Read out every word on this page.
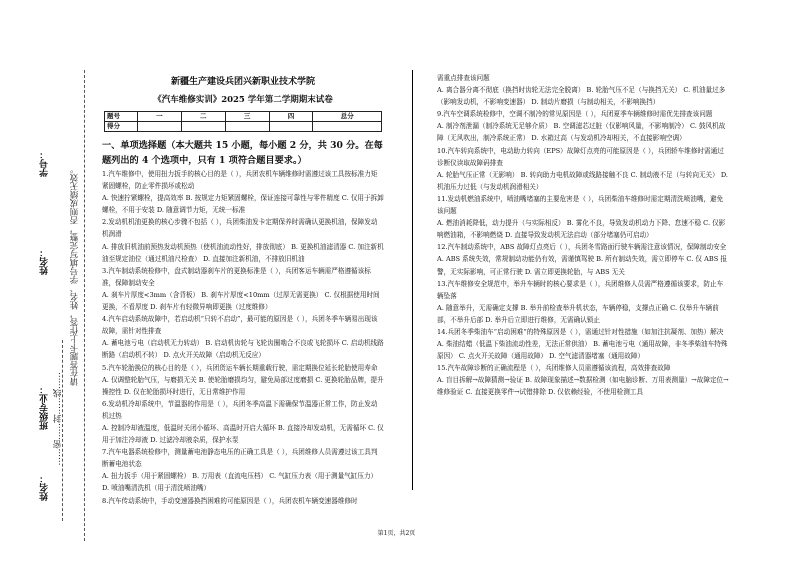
学号：
姓名：
班级专业：
姓名：
请在答题卡上作答，姓名、学号填写完整，否则成绩无效。
……密……封……线……
新疆生产建设兵团兴新职业技术学院
《汽车维修实训》2025 学年第二学期期末试卷
题号	一	二	三	四	总分
得分					
一、单项选择题（本大题共 15 小题，每小题 2 分，共 30 分。在每题列出的 4 个选项中，只有 1 项符合题目要求。）

1.汽车维修中，使用扭力扳手的核心目的是（ ），兵团农机车辆维修时需遵过该工具按标准力矩紧固螺栓，防止零件损坏或松动

A. 快速拧紧螺栓，提高效率 B. 按规定力矩紧固螺栓，保证连接可靠性与零件精度 C. 仅用于拆卸螺栓，不用于安装 D. 随意调节力矩，无统一标准

2.发动机机油更换的核心步骤不包括（ ），兵团柴油发卡定期保养时需确认更换机油，保障发动机润滑

A. 排放旧机油前预热发动机预热（使机油流动性好，排放彻底） B. 更换机油滤清器 C. 加注新机油至规定油位（通过机油尺检查） D. 直接加注新机油，不排放旧机油

3.汽车制动系统检修中，盘式制动器刹车片的更换标准是（ ），兵团客运车辆需严格遵循该标准，保障制动安全

A. 刹车片厚度<3mm（含背板） B. 刹车片厚度<10mm（过厚无需更换） C. 仅根据使用时间更换，不看厚度 D. 刹车片有轻微异响即更换（过度维修）

4.汽车启动系统故障中，若启动机“只转不启动”，最可能的原因是（ ），兵团冬季车辆易出现该故障，需针对性排查

A. 蓄电池亏电（启动机无力转动） B. 启动机齿轮与飞轮齿圈啮合不良或飞轮损坏 C. 启动机线路断路（启动机不转） D. 点火开关故障（启动机无反应）

5.汽车轮胎换位的核心目的是（ ），兵团货运车辆长期重载行驶，需定期换位延长轮胎使用寿命

A. 仅调整轮胎气压，与磨损无关 B. 使轮胎磨损均匀，避免局部过度磨损 C. 更换轮胎品牌，提升操控性 D. 仅在轮胎损坏时进行，无日常维护作用

6.发动机冷却系统中，节温器的作用是（ ），兵团冬季高温下需确保节温器正常工作，防止发动机过热

A. 控制冷却液温度，低温时关闭小循环、高温时开启大循环 B. 直接冷却发动机，无需循环 C. 仅用于加注冷却液 D. 过滤冷却液杂质，保护水泵

7.汽车电器系统检修中，测量蓄电池静态电压的正确工具是（ ），兵团维修人员需遵过该工具判断蓄电池状态

A. 扭力扳手（用于紧固螺栓） B. 万用表（直流电压档） C. 气缸压力表（用于测量气缸压力） D. 喷油嘴清洗机（用于清洗喷油嘴）

8.汽车传动系统中，手动变速器换挡困难的可能原因是（ ），兵团农机车辆变速器维修时

需重点排查该问题

A. 离合器分离不彻底（换挡时齿轮无法完全脱离） B. 轮胎气压不足（与换挡无关） C. 机油量过多（影响发动机，不影响变速器） D. 制动片磨损（与制动相关，不影响换挡）

9.汽车空调系统检修中，空调不制冷的常见原因是（ ），兵团夏季车辆维修时需优先排查该问题

A. 制冷剂泄漏（制冷系统无足够介质） B. 空调滤芯过脏（仅影响风量，不影响制冷） C. 鼓风机故障（无风吹出，制冷系统正常） D. 水箱过高（与发动机冷却相关，不直接影响空调）

10.汽车转向系统中，电动助力转向（EPS）故障灯点亮的可能原因是（ ），兵团轿车维修时需通过诊断仪读取故障码排查

A. 轮胎气压正常（无影响） B. 转向助力电机故障或线路接触不良 C. 制动液不足（与转向无关） D. 机油压力过低（与发动机润滑相关）

11.发动机燃油系统中，喷油嘴堵塞的主要危害是（ ），兵团柴油车维修时需定期清洗喷油嘴，避免该问题

A. 燃油消耗降低，动力提升（与实际相反） B. 雾化不良，导致发动机动力下降、怠速不稳 C. 仅影响燃油箱，不影响燃烧 D. 直接导致发动机无法启动（部分堵塞仍可启动）

12.汽车制动系统中，ABS 故障灯点亮后（ ），兵团冬雪路面行驶车辆需注意该情况，保障制动安全

A. ABS 系统失效，常规制动功能仍有效，需谨慎驾驶 B. 所有制动失效，需立即停车 C. 仅 ABS 报警，无实际影响，可正常行驶 D. 需立即更换轮胎，与 ABS 无关

13.汽车维修安全规范中，举升车辆时的核心要求是（ ），兵团维修人员需严格遵循该要求，防止车辆坠落

A. 随意举升，无需确定支撑 B. 举升前检查举升机状态，车辆停稳，支撑点正确 C. 仅举升车辆前部，不举升后部 D. 举升后立即进行维修，无需确认锁止

14.兵团冬季柴油车“启动困难”的特殊原因是（ ），需通过针对性措施（如加注抗凝剂、加热）解决

A. 柴油结蜡（低温下柴油流动性差，无法正常供油） B. 蓄电池亏电（通用故障，非冬季柴油车特殊原因） C. 点火开关故障（通用故障） D. 空气滤清器堵塞（通用故障）

15.汽车故障诊断的正确流程是（ ），兵团维修人员需遵循该流程，高效排查故障

A. 盲目拆解→故障猜测→验证 B. 故障现象描述→数据检测（如电脑诊断、万用表测量）→故障定位→维修验证 C. 直接更换零件→试错排除 D. 仅依赖经验，不使用检测工具

第1页，共2页
